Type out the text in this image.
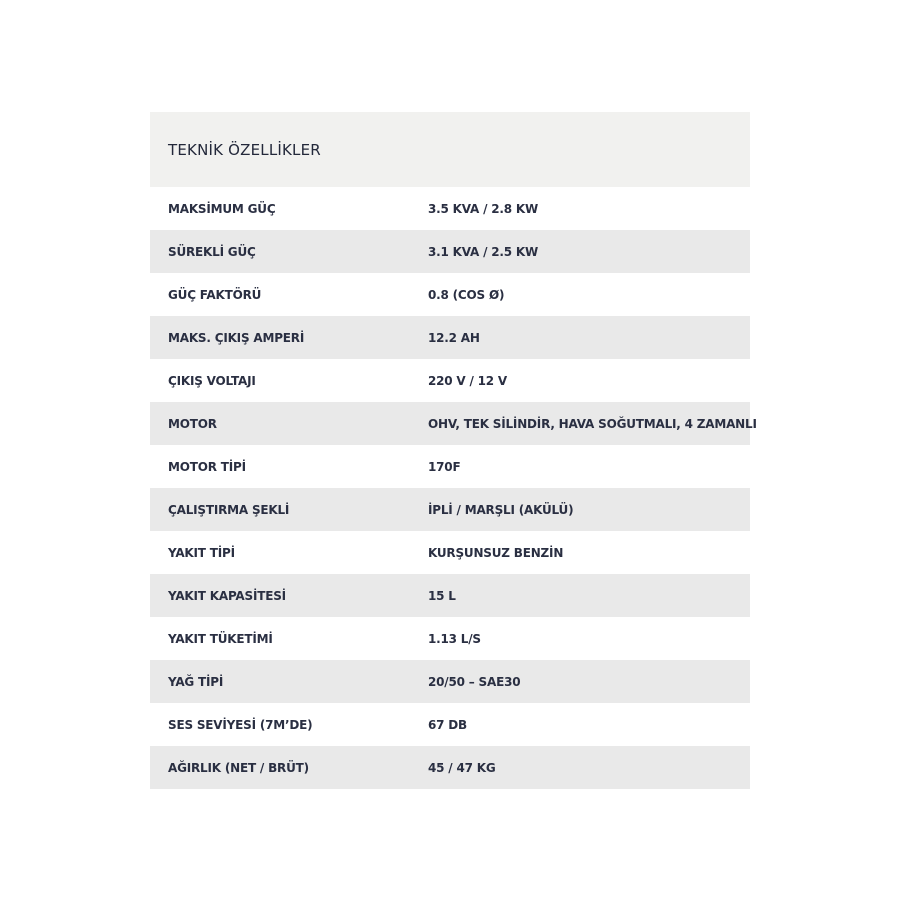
TEKNİK ÖZELLİKLER
MAKSİMUM GÜÇ	3.5 KVA / 2.8 KW
SÜREKLİ GÜÇ	3.1 KVA / 2.5 KW
GÜÇ FAKTÖRÜ	0.8 (COS Ø)
MAKS. ÇIKIŞ AMPERİ	12.2 AH
ÇIKIŞ VOLTAJI	220 V / 12 V
MOTOR	OHV, TEK SİLİNDİR, HAVA SOĞUTMALI, 4 ZAMANLI
MOTOR TİPİ	170F
ÇALIŞTIRMA ŞEKLİ	İPLİ / MARŞLI (AKÜLÜ)
YAKIT TİPİ	KURŞUNSUZ BENZİN
YAKIT KAPASİTESİ	15 L
YAKIT TÜKETİMİ	1.13 L/S
YAĞ TİPİ	20/50 – SAE30
SES SEVİYESİ (7M’DE)	67 DB
AĞIRLIK (NET / BRÜT)	45 / 47 KG
